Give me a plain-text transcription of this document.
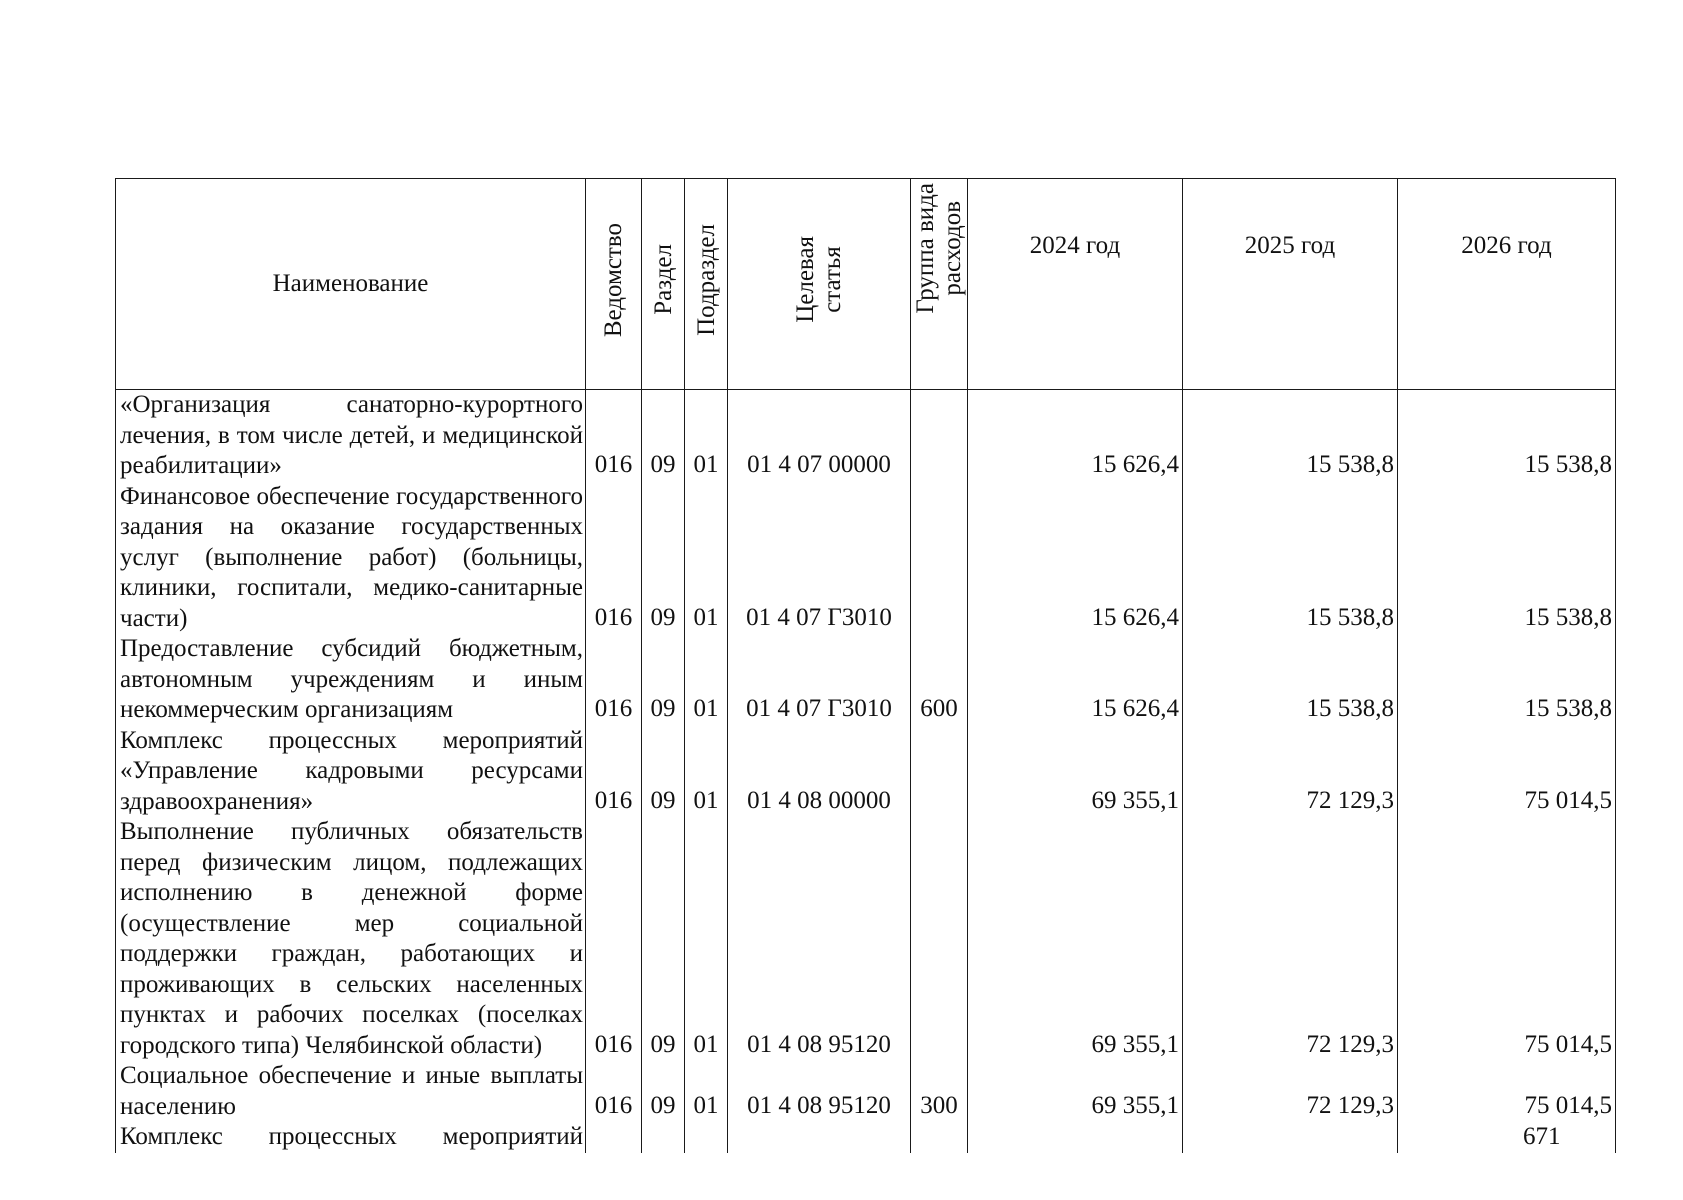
Наименование	Ведомство	Раздел	Подраздел	Целевая
статья	Группа вида
расходов	2024 год	2025 год	2026 год
«Организация санаторно-курортного лечения, в том числе детей, и медицинской реабилитации»	016	09	01	01 4 07 00000		15 626,4	15 538,8	15 538,8
Финансовое обеспечение государственного задания на оказание государственных услуг (выполнение работ) (больницы, клиники, госпитали, медико-санитарные части)	016	09	01	01 4 07 Г3010		15 626,4	15 538,8	15 538,8
Предоставление субсидий бюджетным, автономным учреждениям и иным некоммерческим организациям	016	09	01	01 4 07 Г3010	600	15 626,4	15 538,8	15 538,8
Комплекс процессных мероприятий «Управление кадровыми ресурсами здравоохранения»	016	09	01	01 4 08 00000		69 355,1	72 129,3	75 014,5
Выполнение публичных обязательств перед физическим лицом, подлежащих исполнению в денежной форме (осуществление мер социальной поддержки граждан, работающих и проживающих в сельских населенных пунктах и рабочих поселках (поселках городского типа) Челябинской области)	016	09	01	01 4 08 95120		69 355,1	72 129,3	75 014,5
Социальное обеспечение и иные выплаты населению	016	09	01	01 4 08 95120	300	69 355,1	72 129,3	75 014,5
Комплекс процессных мероприятий									671
